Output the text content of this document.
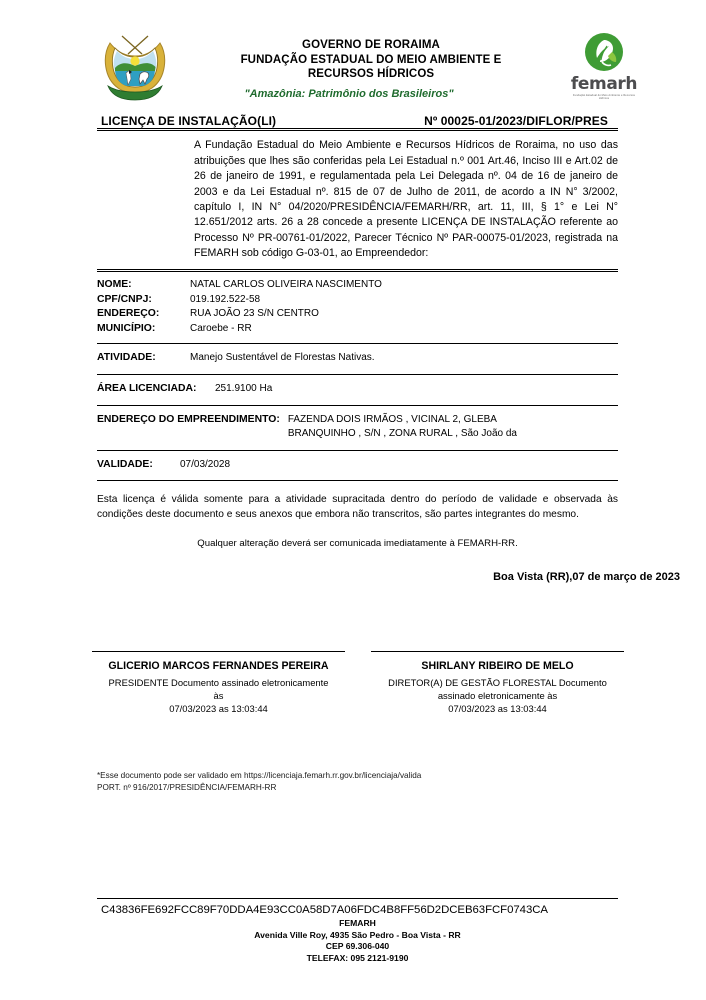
GOVERNO DE RORAIMA
FUNDAÇÃO ESTADUAL DO MEIO AMBIENTE E
RECURSOS HÍDRICOS	femarh
Fundação Estadual do Meio Ambiente e Recursos Hídricos
"Amazônia: Patrimônio dos Brasileiros"
LICENÇA DE INSTALAÇÃO(LI)	Nº 00025-01/2023/DIFLOR/PRES
A Fundação Estadual do Meio Ambiente e Recursos Hídricos de Roraima, no uso das atribuições que lhes são conferidas pela Lei Estadual n.º 001 Art.46, Inciso III e Art.02 de 26 de janeiro de 1991, e regulamentada pela Lei Delegada nº. 04 de 16 de janeiro de 2003 e da Lei Estadual nº. 815 de 07 de Julho de 2011, de acordo a IN N° 3/2002, capítulo I, IN N° 04/2020/PRESIDÊNCIA/FEMARH/RR, art. 11, III, § 1° e Lei N° 12.651/2012 arts. 26 a 28 concede a presente LICENÇA DE INSTALAÇÃO referente ao Processo Nº PR-00761-01/2022, Parecer Técnico Nº PAR-00075-01/2023, registrada na FEMARH sob código G-03-01, ao Empreendedor:
NOME:	NATAL CARLOS OLIVEIRA NASCIMENTO
CPF/CNPJ:	019.192.522-58
ENDEREÇO:	RUA JOÃO 23 S/N CENTRO
MUNICÍPIO:	Caroebe - RR
ATIVIDADE:	Manejo Sustentável de Florestas Nativas.
ÁREA LICENCIADA:	251.9100 Ha
ENDEREÇO DO EMPREENDIMENTO: FAZENDA DOIS IRMÃOS , VICINAL 2, GLEBA
BRANQUINHO , S/N , ZONA RURAL , São João da
VALIDADE:	07/03/2028
Esta licença é válida somente para a atividade supracitada dentro do período de validade e observada às condições deste documento e seus anexos que embora não transcritos, são partes integrantes do mesmo.
Qualquer alteração deverá ser comunicada imediatamente à FEMARH-RR.
Boa Vista (RR),07 de março de 2023
GLICERIO MARCOS FERNANDES PEREIRA
PRESIDENTE Documento assinado eletronicamente
às
07/03/2023 as 13:03:44
SHIRLANY RIBEIRO DE MELO
DIRETOR(A) DE GESTÃO FLORESTAL Documento
assinado eletronicamente às
07/03/2023 as 13:03:44
*Esse documento pode ser validado em https://licenciaja.femarh.rr.gov.br/licenciaja/valida
PORT. nº 916/2017/PRESIDÊNCIA/FEMARH-RR
C43836FE692FCC89F70DDA4E93CC0A58D7A06FDC4B8FF56D2DCEB63FCF0743CA
FEMARH
Avenida Ville Roy, 4935 São Pedro - Boa Vista - RR
CEP 69.306-040
TELEFAX: 095 2121-9190
